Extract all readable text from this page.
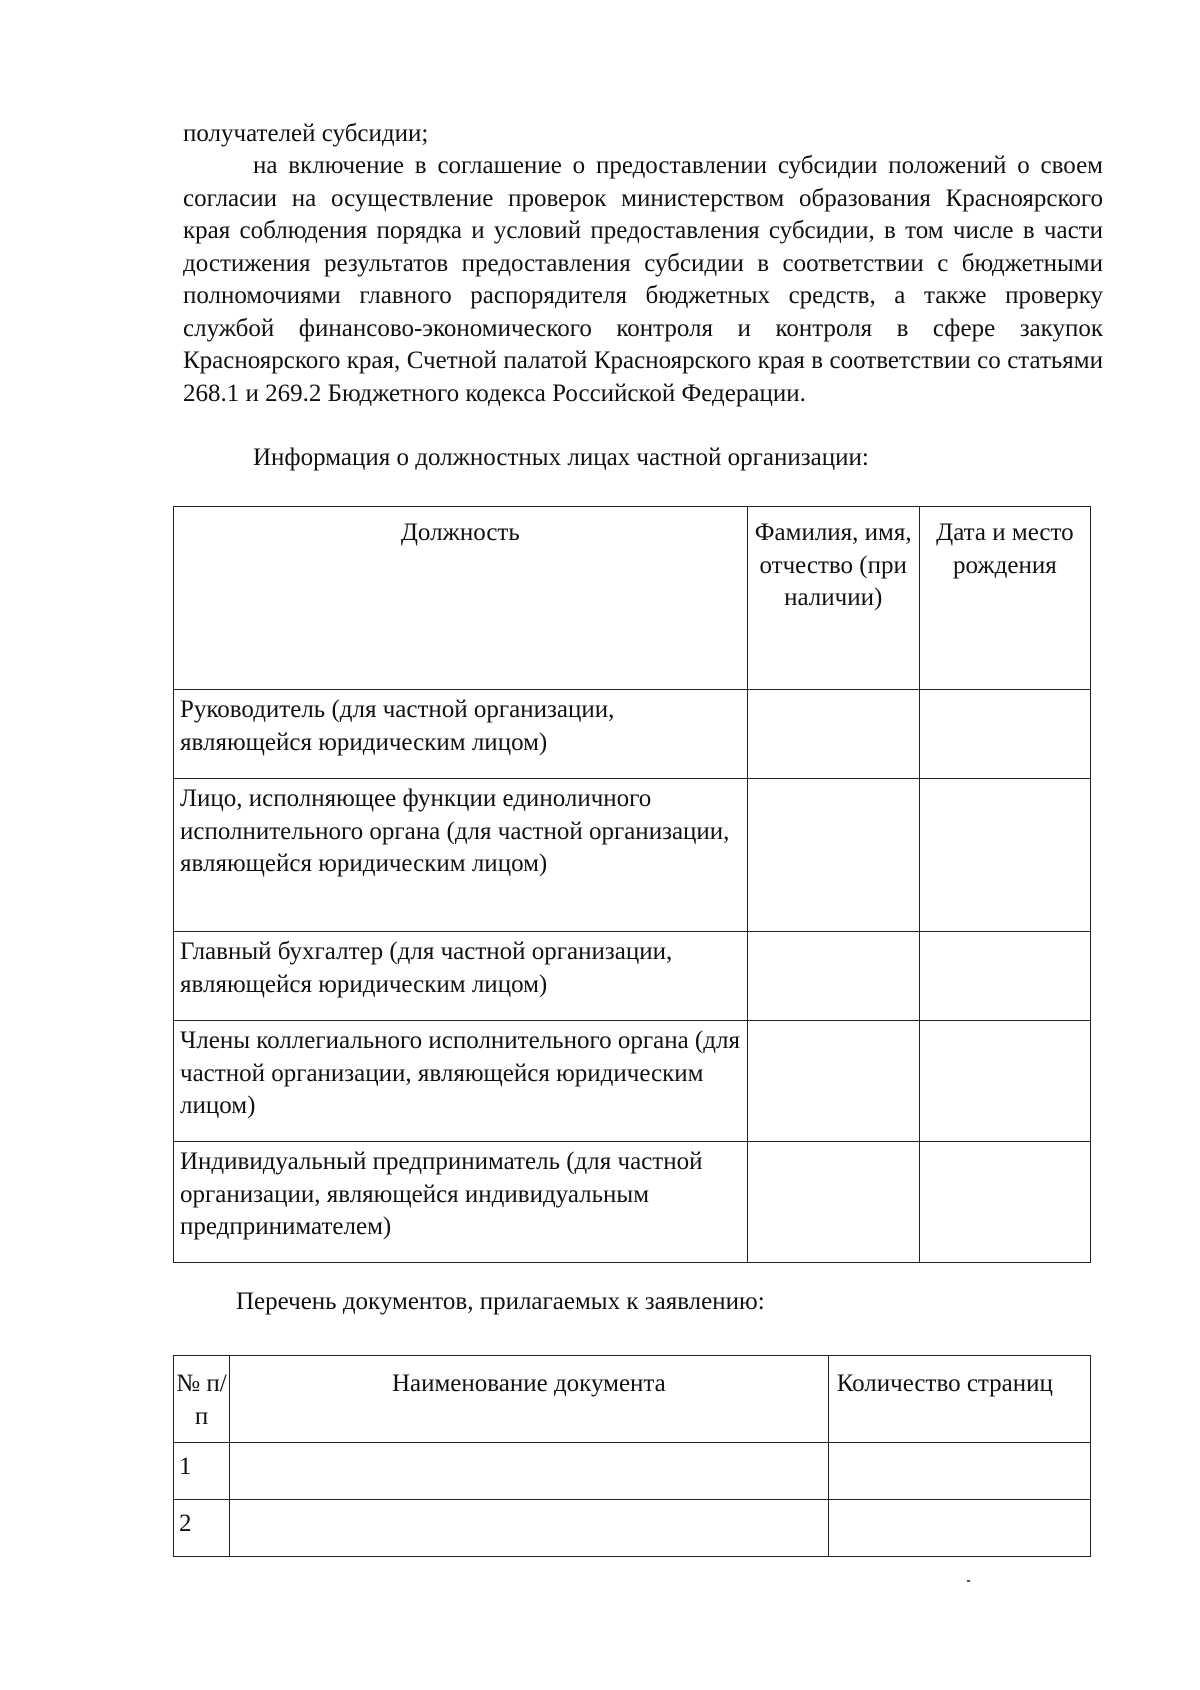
получателей субсидии;

на включение в соглашение о предоставлении субсидии положений о своем согласии на осуществление проверок министерством образования Красноярского края соблюдения порядка и условий предоставления субсидии, в том числе в части достижения результатов предоставления субсидии в соответствии с бюджетными полномочиями главного распорядителя бюджетных средств, а также проверку службой финансово-экономического контроля и контроля в сфере закупок Красноярского края, Счетной палатой Красноярского края в соответствии со статьями 268.1 и 269.2 Бюджетного кодекса Российской Федерации.

Информация о должностных лицах частной организации:

Должность	Фамилия, имя, отчество (при наличии)	Дата и место рождения
Руководитель (для частной организации, являющейся юридическим лицом)		
Лицо, исполняющее функции единоличного исполнительного органа (для частной организации, являющейся юридическим лицом)		
Главный бухгалтер (для частной организации, являющейся юридическим лицом)		
Члены коллегиального исполнительного органа (для частной организации, являющейся юридическим лицом)		
Индивидуальный предприниматель (для частной организации, являющейся индивидуальным предпринимателем)		

Перечень документов, прилагаемых к заявлению:

№ п/п	Наименование документа	Количество страниц
1		
2		
